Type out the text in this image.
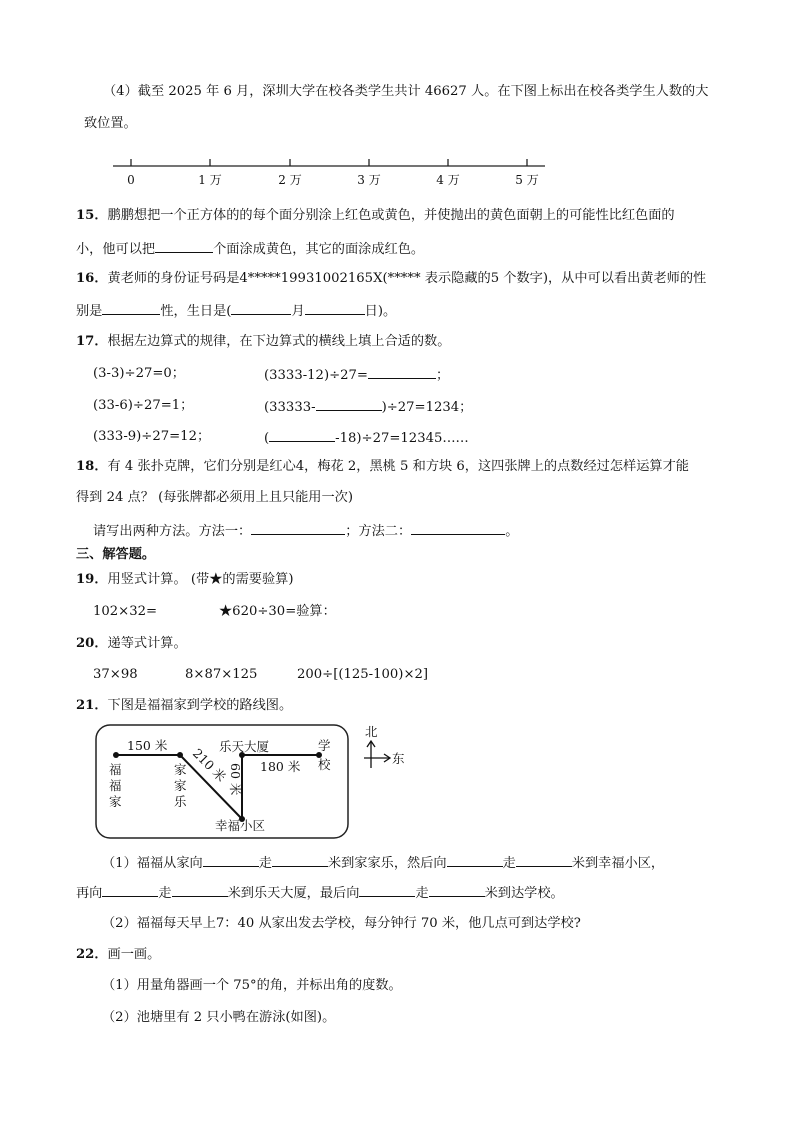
（4）截至 2025 年 6 月，深圳大学在校各类学生共计 46627 人。在下图上标出在校各类学生人数的大
致位置。
0	1 万	2 万	3 万	4 万	5 万
15．鹏鹏想把一个正方体的的每个面分别涂上红色或黄色，并使抛出的黄色面朝上的可能性比红色面的
小，他可以把	个面涂成黄色，其它的面涂成红色。
16．黄老师的身份证号码是4*****19931002165X(***** 表示隐藏的5 个数字)，从中可以看出黄老师的性
别是	性，生日是(	月	日)。
17．根据左边算式的规律，在下边算式的横线上填上合适的数。
(3-3)÷27=0；
(33-6)÷27=1；
(333-9)÷27=12；
(3333-12)÷27=	；
(33333-	)÷27=1234；
(	-18)÷27=12345……
18．有 4 张扑克牌，它们分别是红心4，梅花 2，黑桃 5 和方块 6，这四张牌上的点数经过怎样运算才能
得到 24 点？ (每张牌都必须用上且只能用一次)
请写出两种方法。方法一：	；方法二：	。
三、解答题。
19．用竖式计算。 (带★的需要验算)
102×32=	★620÷30=验算：
20．递等式计算。
37×98	8×87×125	200÷[(125-100)×2]
21．下图是福福家到学校的路线图。
150 米
210 米
60 米 180 米
乐天大厦
幸福小区
福
福
家
家
家
乐
学
校
北
东
（1）福福从家向	走	米到家家乐，然后向	走	米到幸福小区，
再向	走	米到乐天大厦，最后向	走	米到达学校。
（2）福福每天早上7：40 从家出发去学校，每分钟行 70 米，他几点可到达学校?
22．画一画。
（1）用量角器画一个 75°的角，并标出角的度数。
（2）池塘里有 2 只小鸭在游泳(如图)。
